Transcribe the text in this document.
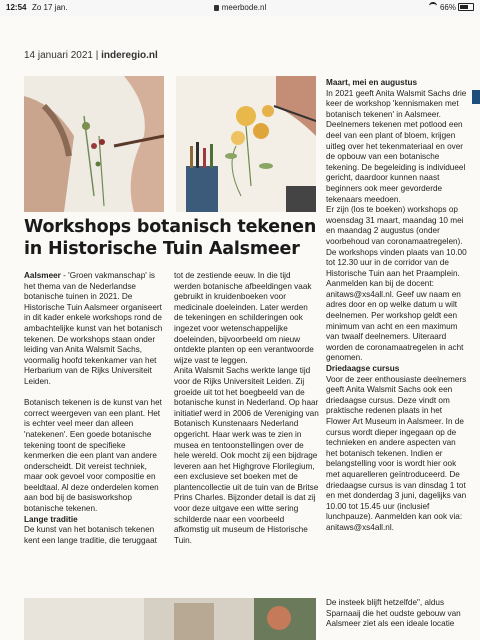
12:54 Zo 17 jan.	meerbode.nl	66%
14 januari 2021 | inderegio.nl
Workshops botanisch tekenen in Historische Tuin Aalsmeer

Aalsmeer - 'Groen vakmanschap' is het thema van de Nederlandse botanische tuinen in 2021. De Historische Tuin Aalsmeer organiseert in dit kader enkele workshops rond de ambachtelijke kunst van het botanisch tekenen. De workshops staan onder leiding van Anita Walsmit Sachs, voormalig hoofd tekenkamer van het Herbarium van de Rijks Universiteit Leiden.

Botanisch tekenen is de kunst van het correct weergeven van een plant. Het is echter veel meer dan alleen 'natekenen'. Een goede botanische tekening toont de specifieke kenmerken die een plant van andere onderscheidt. Dit vereist techniek, maar ook gevoel voor compositie en beeldtaal. Al deze onderdelen komen aan bod bij de basisworkshop botanische tekenen.

Lange traditie

De kunst van het botanisch tekenen kent een lange traditie, die teruggaat

tot de zestiende eeuw. In die tijd werden botanische afbeeldingen vaak gebruikt in kruidenboeken voor medicinale doeleinden. Later werden de tekeningen en schilderingen ook ingezet voor wetenschappelijke doeleinden, bijvoorbeeld om nieuw ontdekte planten op een verantwoorde wijze vast te leggen.

Anita Walsmit Sachs werkte lange tijd voor de Rijks Universiteit Leiden. Zij groeide uit tot het boegbeeld van de botanische kunst in Nederland. Op haar initiatief werd in 2006 de Vereniging van Botanisch Kunstenaars Nederland opgericht. Haar werk was te zien in musea en tentoonstellingen over de hele wereld. Ook mocht zij een bijdrage leveren aan het Highgrove Florilegium, een exclusieve set boeken met de plantencollectie uit de tuin van de Britse Prins Charles. Bijzonder detail is dat zij voor deze uitgave een witte sering schilderde naar een voorbeeld afkomstig uit museum de Historische Tuin.

Maart, mei en augustus

In 2021 geeft Anita Walsmit Sachs drie keer de workshop 'kennismaken met botanisch tekenen' in Aalsmeer. Deelnemers tekenen met potlood een deel van een plant of bloem, krijgen uitleg over het tekenmateriaal en over de opbouw van een botanische tekening. De begeleiding is individueel gericht, daardoor kunnen naast beginners ook meer gevorderde tekenaars meedoen.

Er zijn (los te boeken) workshops op woensdag 31 maart, maandag 10 mei en maandag 2 augustus (onder voorbehoud van coronamaatregelen). De workshops vinden plaats van 10.00 tot 12.30 uur in de corridor van de Historische Tuin aan het Praamplein. Aanmelden kan bij de docent: anitaws@xs4all.nl. Geef uw naam en adres door en op welke datum u wilt deelnemen. Per workshop geldt een minimum van acht en een maximum van twaalf deelnemers. Uiteraard worden de coronamaatregelen in acht genomen.

Driedaagse cursus

Voor de zeer enthousiaste deelnemers geeft Anita Walsmit Sachs ook een driedaagse cursus. Deze vindt om praktische redenen plaats in het Flower Art Museum in Aalsmeer. In de cursus wordt dieper ingegaan op de technieken en andere aspecten van het botanisch tekenen. Indien er belangstelling voor is wordt hier ook met aquarelleren geïntroduceerd. De driedaagse cursus is van dinsdag 1 tot en met donderdag 3 juni, dagelijks van 10.00 tot 15.45 uur (inclusief lunchpauze). Aanmelden kan ook via: anitaws@xs4all.nl.

De insteek blijft hetzelfde", aldus Sparnaaij die het oudste gebouw van Aalsmeer ziet als een ideale locatie
